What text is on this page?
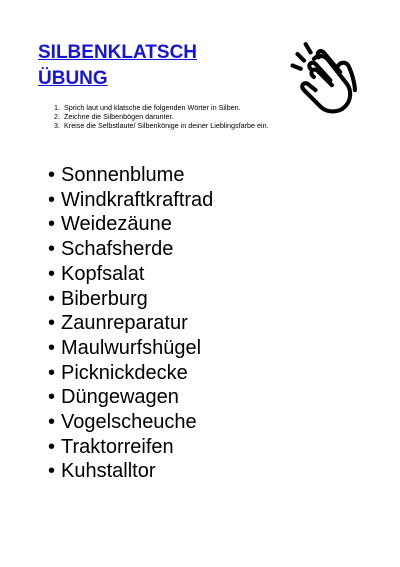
SILBENKLATSCH
ÜBUNG
1. Sprich laut und klatsche die folgenden Wörter in Silben.
2. Zeichne die Silbenbögen darunter.
3. Kreise die Selbstlaute/ Silbenkönige in deiner Lieblingsfarbe ein.
• Sonnenblume
• Windkraftkraftrad
• Weidezäune
• Schafsherde
• Kopfsalat
• Biberburg
• Zaunreparatur
• Maulwurfshügel
• Picknickdecke
• Düngewagen
• Vogelscheuche
• Traktorreifen
• Kuhstalltor
